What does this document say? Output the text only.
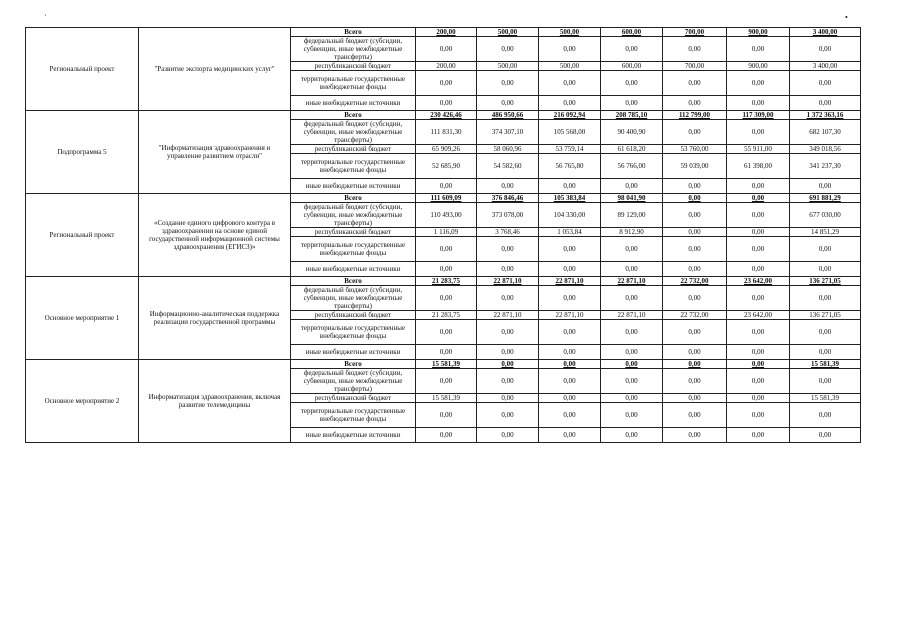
·	•
Региональный проект	"Развитие экспорта медицинских услуг"	Всего	200,00	500,00	500,00	600,00	700,00	900,00	3 400,00
		федеральный бюджет (субсидии, субвенции, иные межбюджетные трансферты)	0,00	0,00	0,00	0,00	0,00	0,00	0,00
		республиканский бюджет	200,00	500,00	500,00	600,00	700,00	900,00	3 400,00
		территориальные государственные внебюджетные фонды	0,00	0,00	0,00	0,00	0,00	0,00	0,00
		иные внебюджетные источники	0,00	0,00	0,00	0,00	0,00	0,00	0,00
Подпрограмма 5	"Информатизация здравоохранения и управление развитием отрасли"	Всего	230 426,46	486 950,66	216 092,94	208 785,10	112 799,00	117 309,00	1 372 363,16
		федеральный бюджет (субсидии, субвенции, иные межбюджетные трансферты)	111 831,30	374 307,10	105 568,00	90 400,90	0,00	0,00	682 107,30
		республиканский бюджет	65 909,26	58 060,96	53 759,14	61 618,20	53 760,00	55 911,00	349 018,56
		территориальные государственные внебюджетные фонды	52 685,90	54 582,60	56 765,80	56 766,00	59 039,00	61 398,00	341 237,30
		иные внебюджетные источники	0,00	0,00	0,00	0,00	0,00	0,00	0,00
Региональный проект	«Создание единого цифрового контура в здравоохранении на основе единой государственной информационной системы здравоохранения (ЕГИСЗ)»	Всего	111 609,09	376 846,46	105 383,84	98 041,90	0,00	0,00	691 881,29
		федеральный бюджет (субсидии, субвенции, иные межбюджетные трансферты)	110 493,00	373 078,00	104 330,00	89 129,00	0,00	0,00	677 030,00
		республиканский бюджет	1 116,09	3 768,46	1 053,84	8 912,90	0,00	0,00	14 851,29
		территориальные государственные внебюджетные фонды	0,00	0,00	0,00	0,00	0,00	0,00	0,00
		иные внебюджетные источники	0,00	0,00	0,00	0,00	0,00	0,00	0,00
Основное мероприятие 1	Информационно-аналитическая поддержка реализации государственной программы	Всего	21 283,75	22 871,10	22 871,10	22 871,10	22 732,00	23 642,00	136 271,05
		федеральный бюджет (субсидии, субвенции, иные межбюджетные трансферты)	0,00	0,00	0,00	0,00	0,00	0,00	0,00
		республиканский бюджет	21 283,75	22 871,10	22 871,10	22 871,10	22 732,00	23 642,00	136 271,05
		территориальные государственные внебюджетные фонды	0,00	0,00	0,00	0,00	0,00	0,00	0,00
		иные внебюджетные источники	0,00	0,00	0,00	0,00	0,00	0,00	0,00
Основное мероприятие 2	Информатизация здравоохранения, включая развитие телемедицины	Всего	15 581,39	0,00	0,00	0,00	0,00	0,00	15 581,39
		федеральный бюджет (субсидии, субвенции, иные межбюджетные трансферты)	0,00	0,00	0,00	0,00	0,00	0,00	0,00
		республиканский бюджет	15 581,39	0,00	0,00	0,00	0,00	0,00	15 581,39
		территориальные государственные внебюджетные фонды	0,00	0,00	0,00	0,00	0,00	0,00	0,00
		иные внебюджетные источники	0,00	0,00	0,00	0,00	0,00	0,00	0,00
